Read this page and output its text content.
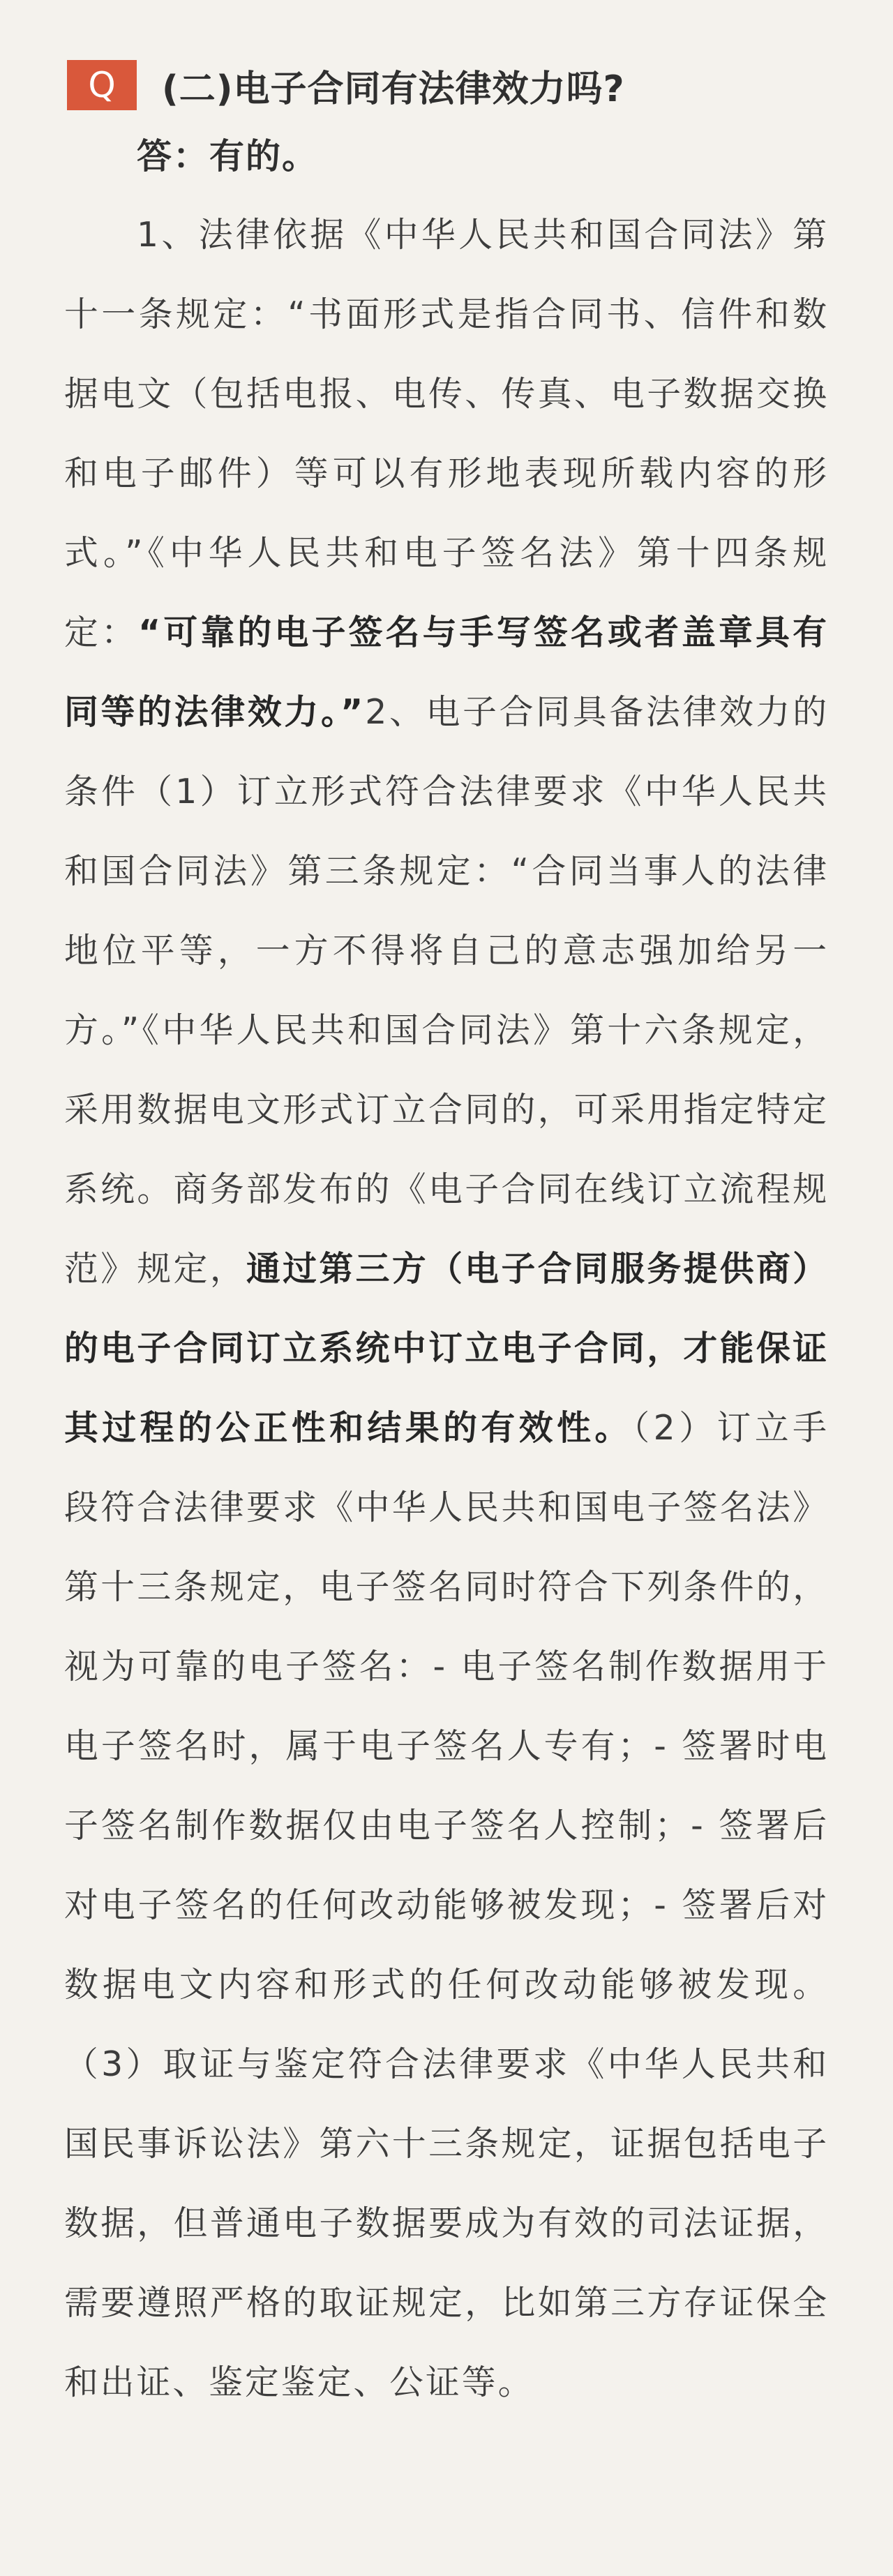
Q	(二)电子合同有法律效力吗?
答：有的。

1、法律依据《中华人民共和国合同法》第十一条规定：“书面形式是指合同书、信件和数据电文（包括电报、电传、传真、电子数据交换和电子邮件）等可以有形地表现所载内容的形式。”《中华人民共和电子签名法》第十四条规定：“可靠的电子签名与手写签名或者盖章具有同等的法律效力。”2、电子合同具备法律效力的条件（1）订立形式符合法律要求《中华人民共和国合同法》第三条规定：“合同当事人的法律地位平等，一方不得将自己的意志强加给另一方。”《中华人民共和国合同法》第十六条规定，采用数据电文形式订立合同的，可采用指定特定系统。商务部发布的《电子合同在线订立流程规范》规定，通过第三方（电子合同服务提供商）的电子合同订立系统中订立电子合同，才能保证其过程的公正性和结果的有效性。（2）订立手段符合法律要求《中华人民共和国电子签名法》第十三条规定，电子签名同时符合下列条件的，视为可靠的电子签名：- 电子签名制作数据用于电子签名时，属于电子签名人专有；- 签署时电子签名制作数据仅由电子签名人控制；- 签署后对电子签名的任何改动能够被发现；- 签署后对数据电文内容和形式的任何改动能够被发现。（3）取证与鉴定符合法律要求《中华人民共和国民事诉讼法》第六十三条规定，证据包括电子数据，但普通电子数据要成为有效的司法证据，需要遵照严格的取证规定，比如第三方存证保全和出证、鉴定鉴定、公证等。
